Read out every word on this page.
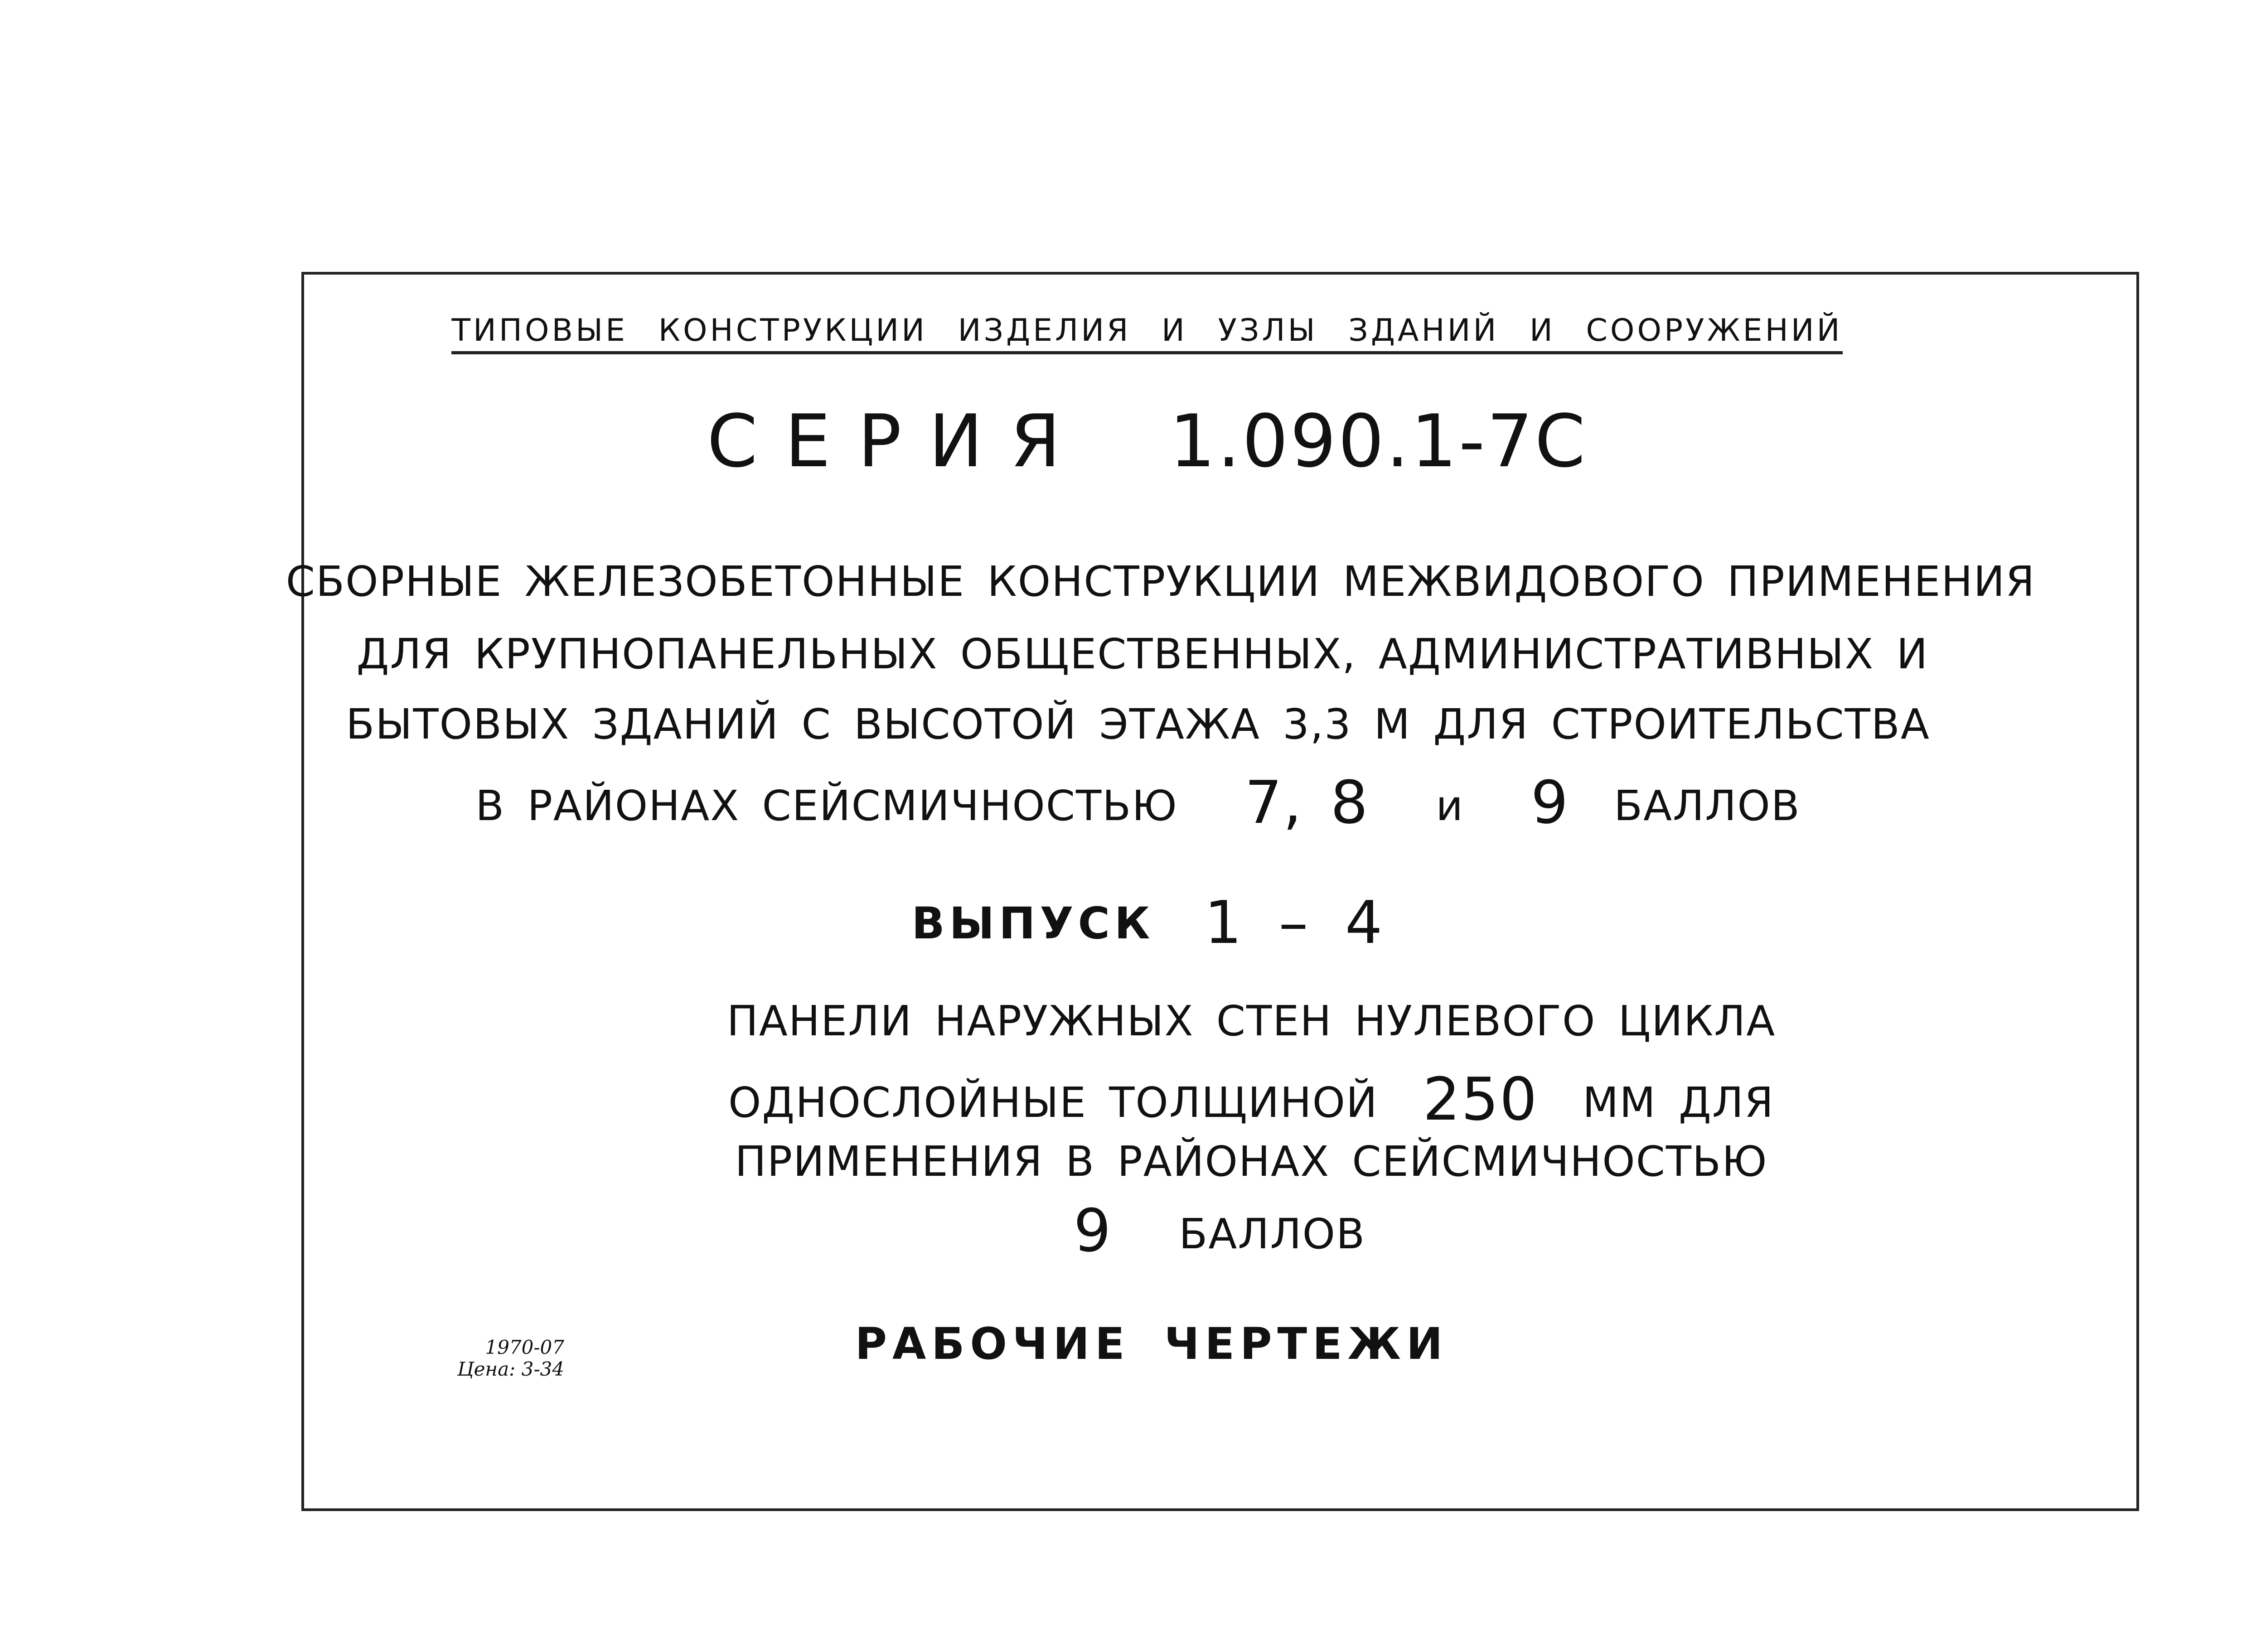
ТИПОВЫЕ КОНСТРУКЦИИ ИЗДЕЛИЯ И УЗЛЫ ЗДАНИЙ И СООРУЖЕНИЙ
СЕРИЯ 1.090.1-7С
СБОРНЫЕ ЖЕЛЕЗОБЕТОННЫЕ КОНСТРУКЦИИ МЕЖВИДОВОГО ПРИМЕНЕНИЯ
ДЛЯ КРУПНОПАНЕЛЬНЫХ ОБЩЕСТВЕННЫХ, АДМИНИСТРАТИВНЫХ И
БЫТОВЫХ ЗДАНИЙ С ВЫСОТОЙ ЭТАЖА 3,3 М ДЛЯ СТРОИТЕЛЬСТВА
В РАЙОНАХ СЕЙСМИЧНОСТЬЮ 7, 8 и 9 БАЛЛОВ
ВЫПУСК 1 – 4
ПАНЕЛИ НАРУЖНЫХ СТЕН НУЛЕВОГО ЦИКЛА
ОДНОСЛОЙНЫЕ ТОЛЩИНОЙ 250 ММ ДЛЯ
ПРИМЕНЕНИЯ В РАЙОНАХ СЕЙСМИЧНОСТЬЮ
9 БАЛЛОВ
РАБОЧИЕ ЧЕРТЕЖИ
1970-07
Цена: 3-34
